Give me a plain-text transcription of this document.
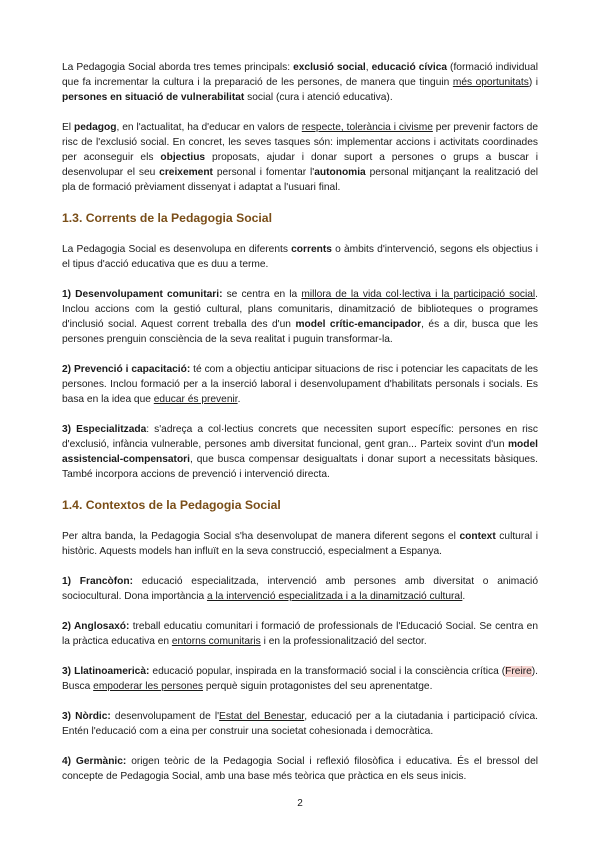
La Pedagogia Social aborda tres temes principals: exclusió social, educació cívica (formació individual que fa incrementar la cultura i la preparació de les persones, de manera que tinguin més oportunitats) i persones en situació de vulnerabilitat social (cura i atenció educativa).

El pedagog, en l'actualitat, ha d'educar en valors de respecte, tolerància i civisme per prevenir factors de risc de l'exclusió social. En concret, les seves tasques són: implementar accions i activitats coordinades per aconseguir els objectius proposats, ajudar i donar suport a persones o grups a buscar i desenvolupar el seu creixement personal i fomentar l'autonomia personal mitjançant la realització del pla de formació prèviament dissenyat i adaptat a l'usuari final.

1.3. Corrents de la Pedagogia Social

La Pedagogia Social es desenvolupa en diferents corrents o àmbits d'intervenció, segons els objectius i el tipus d'acció educativa que es duu a terme.

1) Desenvolupament comunitari: se centra en la millora de la vida col·lectiva i la participació social. Inclou accions com la gestió cultural, plans comunitaris, dinamització de biblioteques o programes d'inclusió social. Aquest corrent treballa des d'un model crític-emancipador, és a dir, busca que les persones prenguin consciència de la seva realitat i puguin transformar-la.

2) Prevenció i capacitació: té com a objectiu anticipar situacions de risc i potenciar les capacitats de les persones. Inclou formació per a la inserció laboral i desenvolupament d'habilitats personals i socials. Es basa en la idea que educar és prevenir.

3) Especialitzada: s'adreça a col·lectius concrets que necessiten suport específic: persones en risc d'exclusió, infància vulnerable, persones amb diversitat funcional, gent gran... Parteix sovint d'un model assistencial-compensatori, que busca compensar desigualtats i donar suport a necessitats bàsiques. També incorpora accions de prevenció i intervenció directa.

1.4. Contextos de la Pedagogia Social

Per altra banda, la Pedagogia Social s'ha desenvolupat de manera diferent segons el context cultural i històric. Aquests models han influït en la seva construcció, especialment a Espanya.

1) Francòfon: educació especialitzada, intervenció amb persones amb diversitat o animació sociocultural. Dona importància a la intervenció especialitzada i a la dinamització cultural.

2) Anglosaxó: treball educatiu comunitari i formació de professionals de l'Educació Social. Se centra en la pràctica educativa en entorns comunitaris i en la professionalització del sector.

3) Llatinoamericà: educació popular, inspirada en la transformació social i la consciència crítica (Freire). Busca empoderar les persones perquè siguin protagonistes del seu aprenentatge.

3) Nòrdic: desenvolupament de l'Estat del Benestar, educació per a la ciutadania i participació cívica. Entén l'educació com a eina per construir una societat cohesionada i democràtica.

4) Germànic: origen teòric de la Pedagogia Social i reflexió filosòfica i educativa. És el bressol del concepte de Pedagogia Social, amb una base més teòrica que pràctica en els seus inicis.

2
